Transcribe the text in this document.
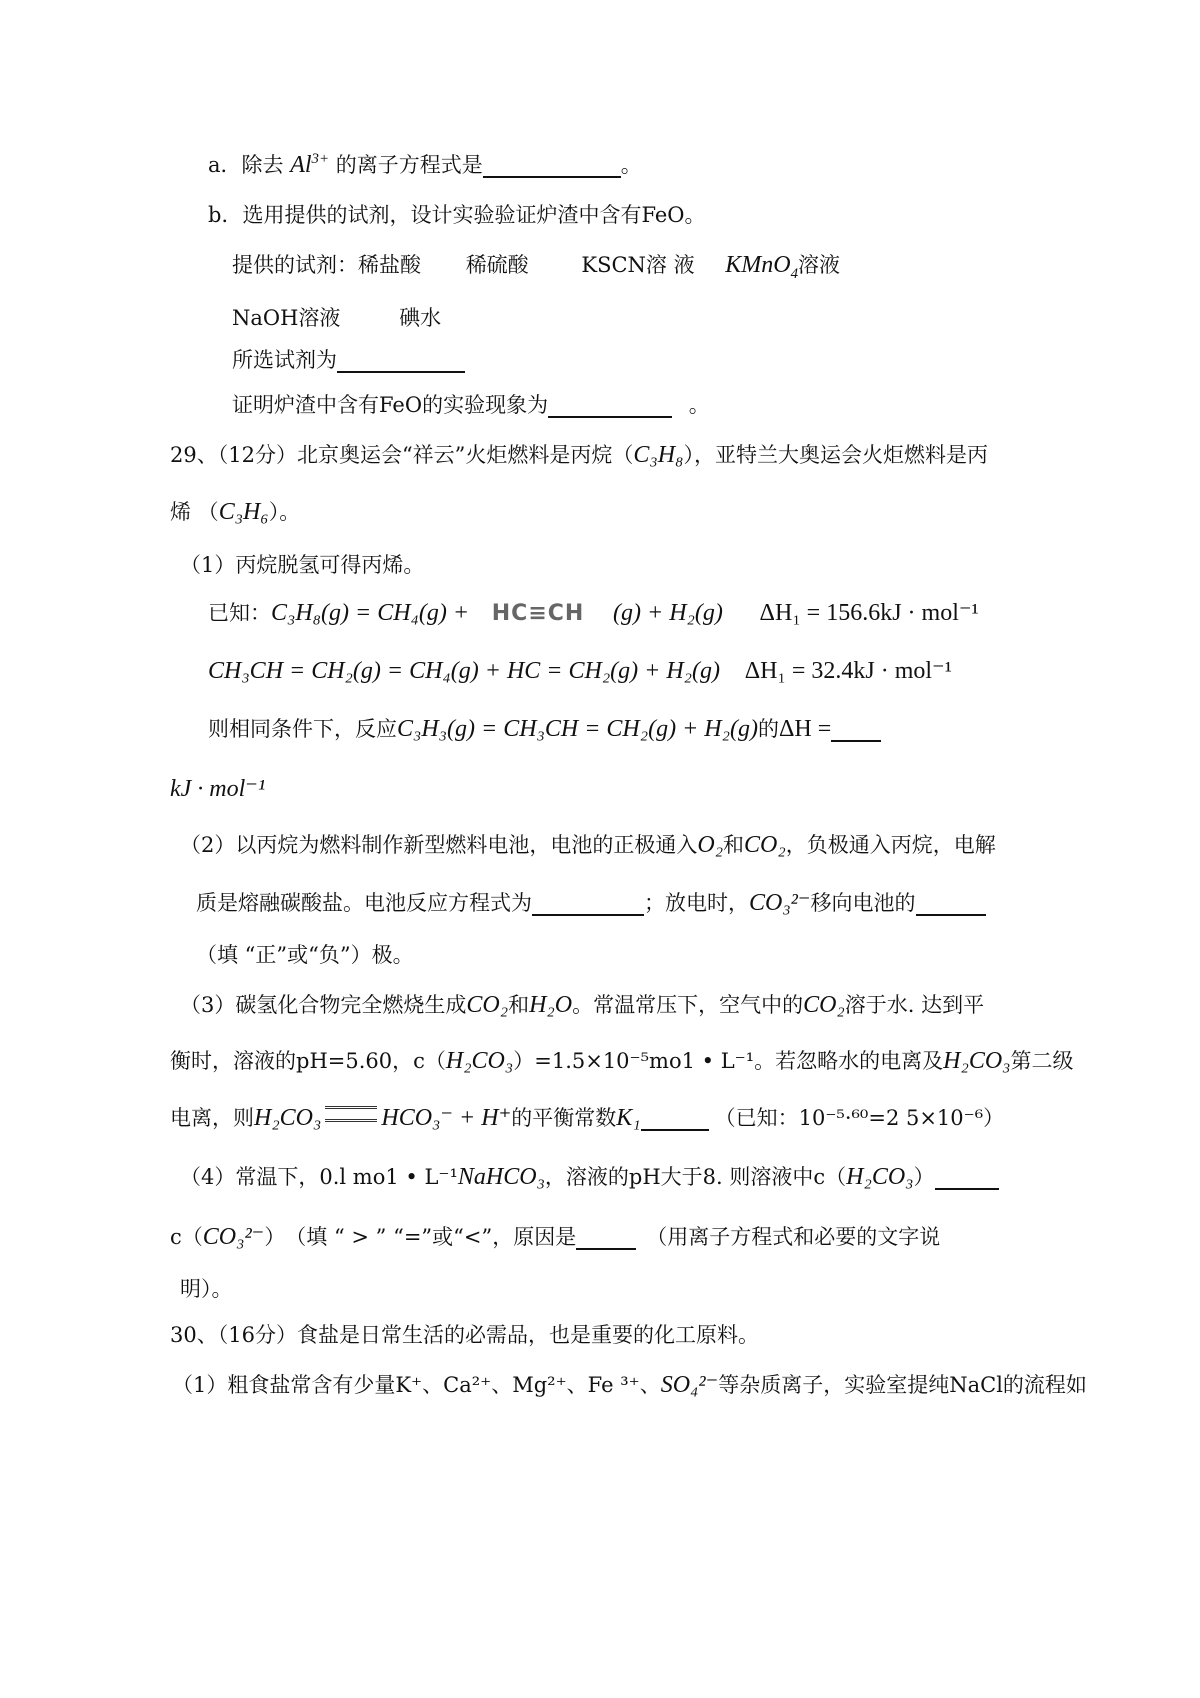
a．除去 $Al^{3+}$ 的离子方程式是	。
b．选用提供的试剂，设计实验验证炉渣中含有FeO。
提供的试剂：稀盐酸 稀硫酸	KSCN溶 液 KMnO$_4$溶液
NaOH溶液	碘水
所选试剂为
证明炉渣中含有FeO的实验现象为	。
29、（12分）北京奥运会“祥云”火炬燃料是丙烷（C₃H₈），亚特兰大奥运会火炬燃料是丙
烯 （C₃H₆）。
（1）丙烷脱氢可得丙烯。
已知：C₃H₈(g) = CH₄(g) + HC≡CH (g) + H₂(g) ΔH₁ = 156.6kJ · mol⁻¹
CH₃CH = CH₂(g) = CH₄(g) + HC = CH₂(g) + H₂(g) ΔH₁ = 32.4kJ · mol⁻¹
则相同条件下，反应C₃H₃(g) = CH₃CH = CH₂(g) + H₂(g)的ΔH =
kJ · mol⁻¹
（2）以丙烷为燃料制作新型燃料电池，电池的正极通入O₂和CO₂，负极通入丙烷，电解
质是熔融碳酸盐。电池反应方程式为	；放电时，CO₃²⁻移向电池的
（填 “正”或“负”）极。
（3）碳氢化合物完全燃烧生成CO₂和H₂O。常温常压下，空气中的CO₂溶于水. 达到平
衡时，溶液的pH=5.60，c（H₂CO₃）=1.5×10⁻⁵mo1 • L⁻¹。若忽略水的电离及H₂CO₃第二级
电离，则H₂CO₃	HCO₃⁻ + H⁺的平衡常数K₁	（已知：10⁻⁵·⁶⁰=2 5×10⁻⁶）
（4）常温下，0.l mo1 • L⁻¹NaHCO₃，溶液的pH大于8. 则溶液中c（H₂CO₃）
c（CO₃²⁻）　（填 “ > ” “=”或“<”，原因是	（用离子方程式和必要的文字说
明）。
30、（16分）食盐是日常生活的必需品，也是重要的化工原料。
（1）粗食盐常含有少量K⁺、Ca²⁺、Mg²⁺、Fe ³⁺、SO₄²⁻等杂质离子，实验室提纯NaCl的流程如
